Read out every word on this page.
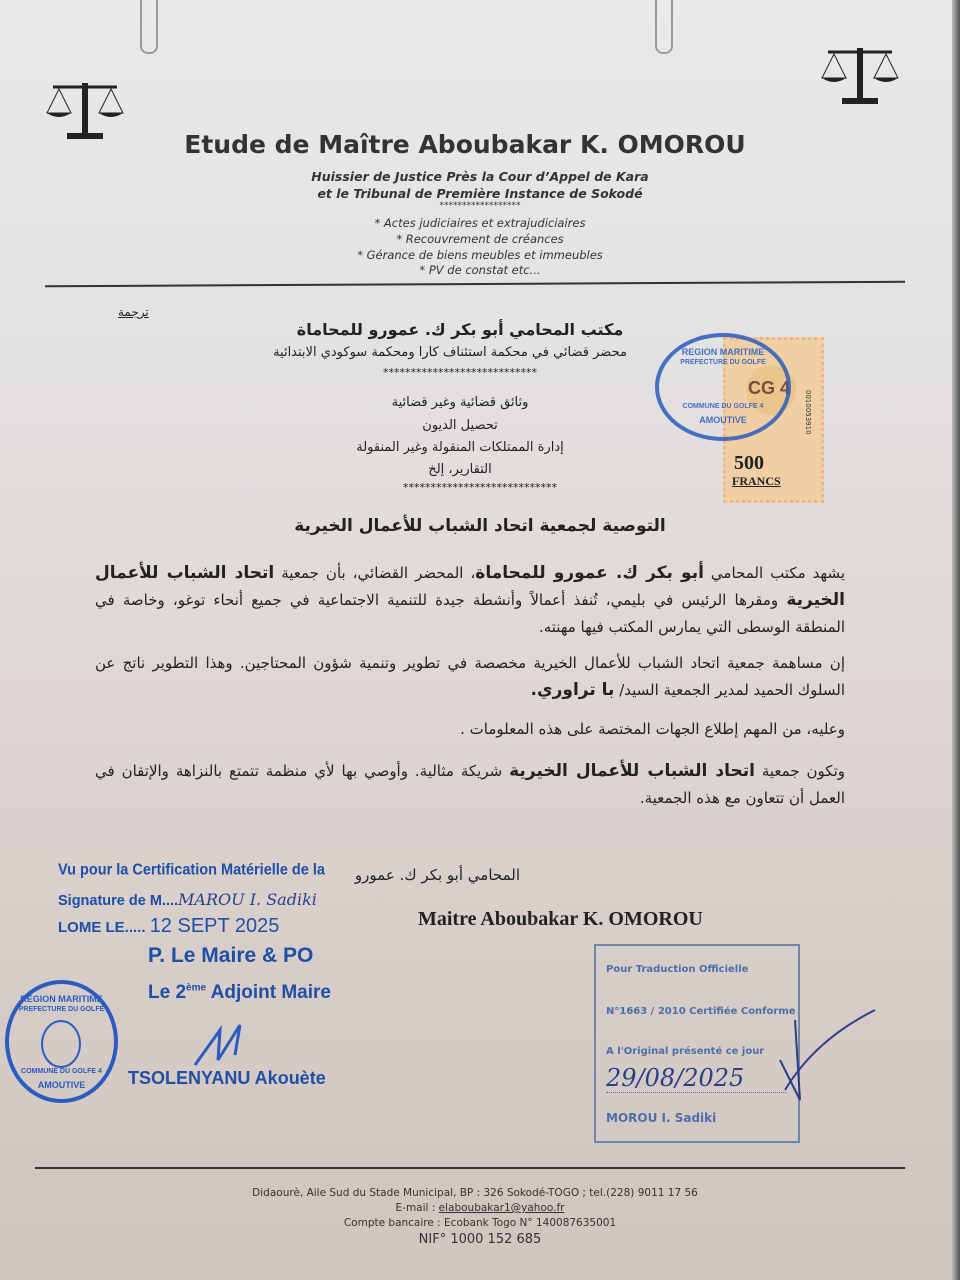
Etude de Maître Aboubakar K. OMOROU
Huissier de Justice Près la Cour d’Appel de Kara
et le Tribunal de Première Instance de Sokodé
******************
* Actes judiciaires et extrajudiciaires
* Recouvrement de créances
* Gérance de biens meubles et immeubles
* PV de constat etc...
ترجمة
مكتب المحامي أبو بكر ك. عمورو للمحاماة
محضر قضائي في محكمة استئناف كارا ومحكمة سوكودي الابتدائية
****************************
وثائق قضائية وغير قضائية
تحصيل الديون
إدارة الممتلكات المنقولة وغير المنقولة
التقارير، إلخ
****************************
CG 4
0010053910
500
FRANCS
REGION MARITIME
PREFECTURE DU GOLFE
COMMUNE DU GOLFE 4
AMOUTIVE
التوصية لجمعية اتحاد الشباب للأعمال الخيرية
يشهد مكتب المحامي أبو بكر ك. عمورو للمحاماة، المحضر القضائي، بأن جمعية اتحاد الشباب للأعمال الخيرية ومقرها الرئيس في بليمي، تُنفذ أعمالاً وأنشطة جيدة للتنمية الاجتماعية في جميع أنحاء توغو، وخاصة في المنطقة الوسطى التي يمارس المكتب فيها مهنته.
إن مساهمة جمعية اتحاد الشباب للأعمال الخيرية مخصصة في تطوير وتنمية شؤون المحتاجين. وهذا التطوير ناتج عن السلوك الحميد لمدير الجمعية السيد/ با تراوري.
وعليه، من المهم إطلاع الجهات المختصة على هذه المعلومات .
وتكون جمعية اتحاد الشباب للأعمال الخيرية شريكة مثالية. وأوصي بها لأي منظمة تتمتع بالنزاهة والإتقان في العمل أن تتعاون مع هذه الجمعية.
المحامي أبو بكر ك. عمورو
Maitre Aboubakar K. OMOROU
Vu pour la Certification Matérielle de la
Signature de M....MAROU I. Sadiki
LOME LE..... 12 SEPT 2025
P. Le Maire & PO
Le 2ème Adjoint Maire
TSOLENYANU Akouète
REGION MARITIME
PREFECTURE DU GOLFE
COMMUNE DU GOLFE 4
AMOUTIVE
Pour Traduction Officielle
N°1663 / 2010 Certifiée Conforme
A l'Original présenté ce jour
29/08/2025
MOROU I. Sadiki
Didaourè, Aile Sud du Stade Municipal, BP : 326 Sokodé-TOGO ; tel.(228) 9011 17 56
E-mail : elaboubakar1@yahoo.fr
Compte bancaire : Ecobank Togo N° 140087635001
NIF° 1000 152 685
